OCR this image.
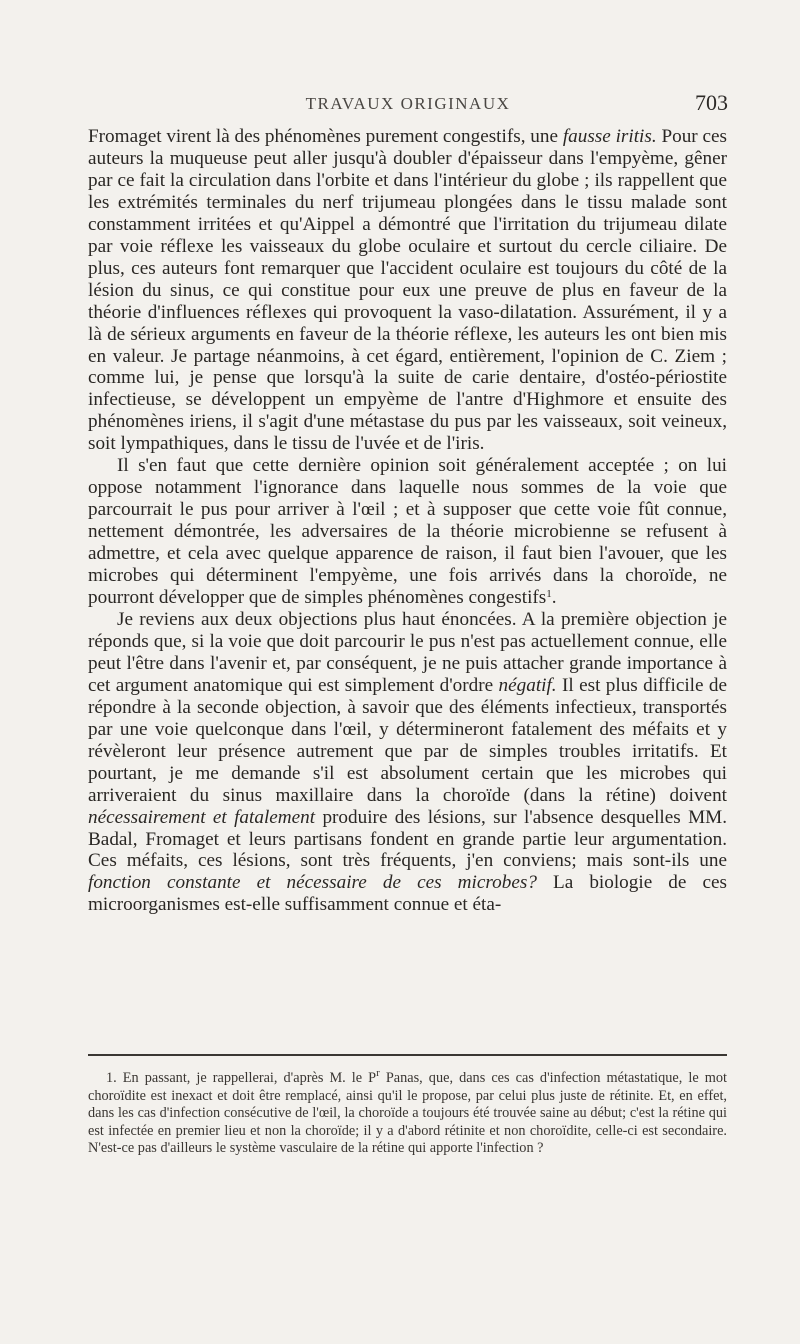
TRAVAUX ORIGINAUX	703

Fromaget virent là des phénomènes purement congestifs, une fausse iritis. Pour ces auteurs la muqueuse peut aller jusqu'à doubler d'épaisseur dans l'empyème, gêner par ce fait la circulation dans l'orbite et dans l'intérieur du globe ; ils rappellent que les extrémités terminales du nerf trijumeau plongées dans le tissu malade sont constamment irritées et qu'Aippel a démontré que l'irritation du trijumeau dilate par voie réflexe les vaisseaux du globe oculaire et surtout du cercle ciliaire. De plus, ces auteurs font remarquer que l'accident oculaire est toujours du côté de la lésion du sinus, ce qui constitue pour eux une preuve de plus en faveur de la théorie d'influences réflexes qui provoquent la vaso-dilatation. Assurément, il y a là de sérieux arguments en faveur de la théorie réflexe, les auteurs les ont bien mis en valeur. Je partage néanmoins, à cet égard, entièrement, l'opinion de C. Ziem ; comme lui, je pense que lorsqu'à la suite de carie dentaire, d'ostéo-périostite infectieuse, se développent un empyème de l'antre d'Highmore et ensuite des phénomènes iriens, il s'agit d'une métastase du pus par les vaisseaux, soit veineux, soit lympathiques, dans le tissu de l'uvée et de l'iris.

Il s'en faut que cette dernière opinion soit généralement acceptée ; on lui oppose notamment l'ignorance dans laquelle nous sommes de la voie que parcourrait le pus pour arriver à l'œil ; et à supposer que cette voie fût connue, nettement démontrée, les adversaires de la théorie microbienne se refusent à admettre, et cela avec quelque apparence de raison, il faut bien l'avouer, que les microbes qui déterminent l'empyème, une fois arrivés dans la choroïde, ne pourront développer que de simples phénomènes congestifs$^1$.

Je reviens aux deux objections plus haut énoncées. A la première objection je réponds que, si la voie que doit parcourir le pus n'est pas actuellement connue, elle peut l'être dans l'avenir et, par conséquent, je ne puis attacher grande importance à cet argument anatomique qui est simplement d'ordre négatif. Il est plus difficile de répondre à la seconde objection, à savoir que des éléments infectieux, transportés par une voie quelconque dans l'œil, y détermineront fatalement des méfaits et y révèleront leur présence autrement que par de simples troubles irritatifs. Et pourtant, je me demande s'il est absolument certain que les microbes qui arriveraient du sinus maxillaire dans la choroïde (dans la rétine) doivent nécessairement et fatalement produire des lésions, sur l'absence desquelles MM. Badal, Fromaget et leurs partisans fondent en grande partie leur argumentation. Ces méfaits, ces lésions, sont très fréquents, j'en conviens; mais sont-ils une fonction constante et nécessaire de ces microbes? La biologie de ces microorganismes est-elle suffisamment connue et éta-

1. En passant, je rappellerai, d'après M. le $P^r$ Panas, que, dans ces cas d'infection métastatique, le mot choroïdite est inexact et doit être remplacé, ainsi qu'il le propose, par celui plus juste de rétinite. Et, en effet, dans les cas d'infection consécutive de l'œil, la choroïde a toujours été trouvée saine au début; c'est la rétine qui est infectée en premier lieu et non la choroïde; il y a d'abord rétinite et non choroïdite, celle-ci est secondaire. N'est-ce pas d'ailleurs le système vasculaire de la rétine qui apporte l'infection ?
